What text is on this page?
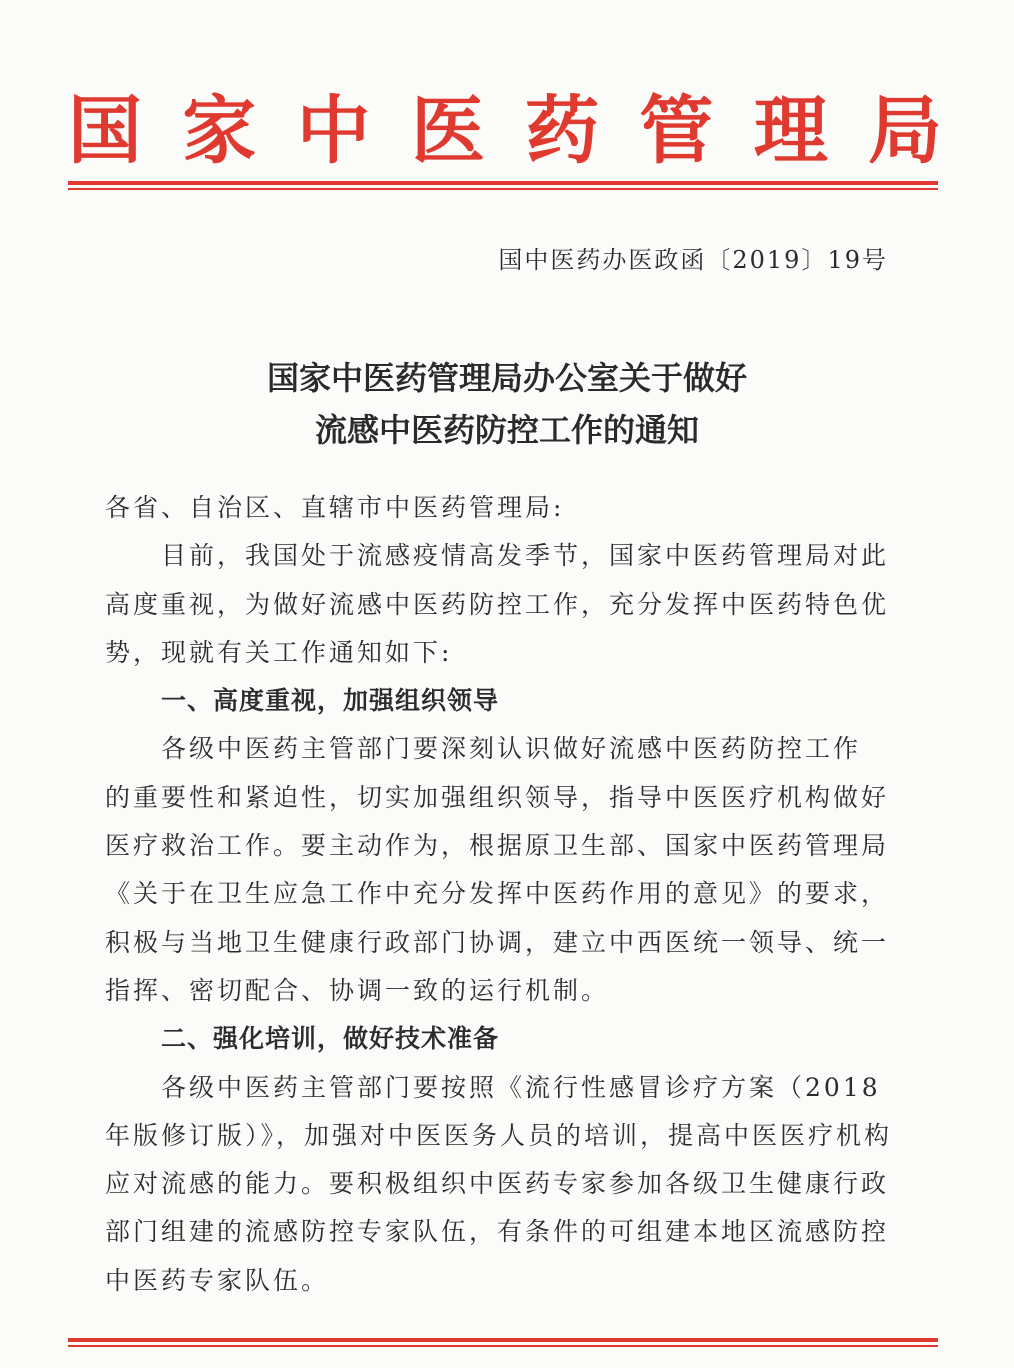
国 家 中 医 药 管 理 局
国中医药办医政函〔2019〕19号
国家中医药管理局办公室关于做好
流感中医药防控工作的通知
各省、自治区、直辖市中医药管理局:
目前，我国处于流感疫情高发季节，国家中医药管理局对此
高度重视，为做好流感中医药防控工作，充分发挥中医药特色优
势，现就有关工作通知如下:
一、高度重视，加强组织领导
各级中医药主管部门要深刻认识做好流感中医药防控工作
的重要性和紧迫性，切实加强组织领导，指导中医医疗机构做好
医疗救治工作。要主动作为，根据原卫生部、国家中医药管理局
《关于在卫生应急工作中充分发挥中医药作用的意见》的要求，
积极与当地卫生健康行政部门协调，建立中西医统一领导、统一
指挥、密切配合、协调一致的运行机制。
二、强化培训，做好技术准备
各级中医药主管部门要按照《流行性感冒诊疗方案（2018
年版修订版）》，加强对中医医务人员的培训，提高中医医疗机构
应对流感的能力。要积极组织中医药专家参加各级卫生健康行政
部门组建的流感防控专家队伍，有条件的可组建本地区流感防控
中医药专家队伍。
